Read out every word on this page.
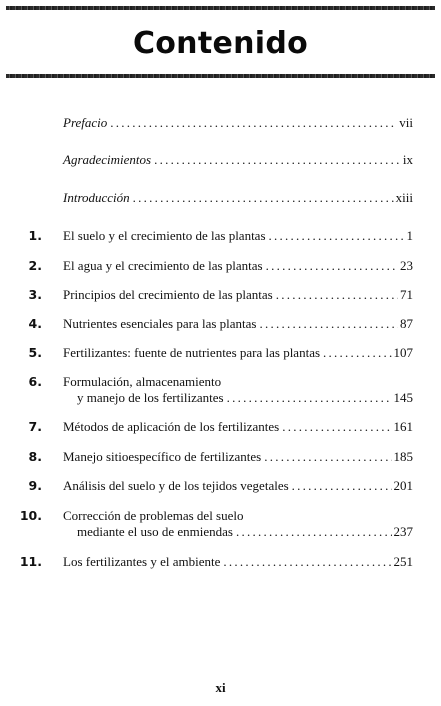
Contenido
Prefacio . . .	vii
Agradecimientos . . .	ix
Introducción . . .	xiii
1. El suelo y el crecimiento de las plantas . . .	1
2. El agua y el crecimiento de las plantas . . .	23
3. Principios del crecimiento de las plantas . . .	71
4. Nutrientes esenciales para las plantas . . .	87
5. Fertilizantes: fuente de nutrientes para las plantas . . .	107
6. Formulación, almacenamiento
y manejo de los fertilizantes . . .	145
7. Métodos de aplicación de los fertilizantes . . .	161
8. Manejo sitioespecífico de fertilizantes . . .	185
9. Análisis del suelo y de los tejidos vegetales . . .	201
10. Corrección de problemas del suelo
mediante el uso de enmiendas . . .	237
11. Los fertilizantes y el ambiente . . .	251
xi
